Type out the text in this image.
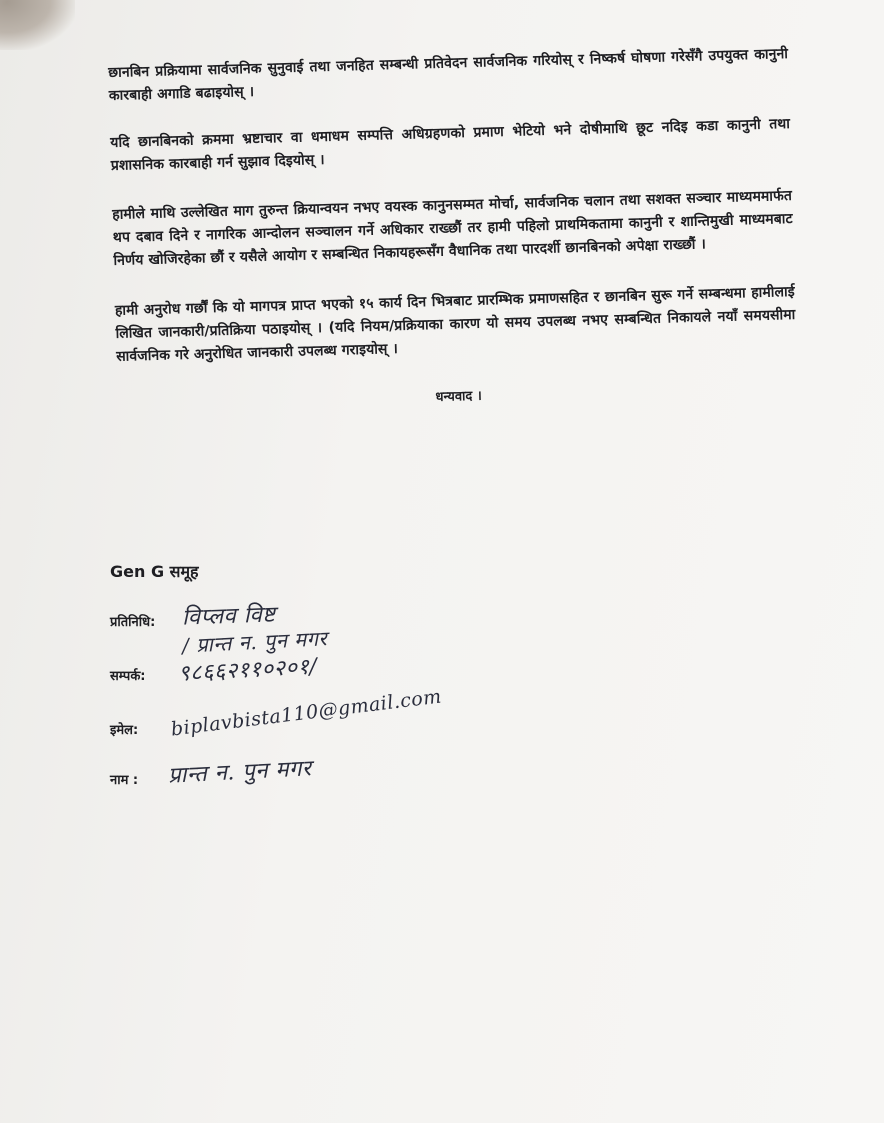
छानबिन प्रक्रियामा सार्वजनिक सुनुवाई तथा जनहित सम्बन्धी प्रतिवेदन सार्वजनिक गरियोस् र निष्कर्ष घोषणा गरेसँगै उपयुक्त कानुनी कारबाही अगाडि बढाइयोस् ।

यदि छानबिनको क्रममा भ्रष्टाचार वा धमाधम सम्पत्ति अधिग्रहणको प्रमाण भेटियो भने दोषीमाथि छूट नदिइ कडा कानुनी तथा प्रशासनिक कारबाही गर्न सुझाव दिइयोस् ।

हामीले माथि उल्लेखित माग तुरुन्त क्रियान्वयन नभए वयस्क कानुनसम्मत मोर्चा, सार्वजनिक चलान तथा सशक्त सञ्चार माध्यममार्फत थप दबाव दिने र नागरिक आन्दोलन सञ्चालन गर्ने अधिकार राख्छौं तर हामी पहिलो प्राथमिकतामा कानुनी र शान्तिमुखी माध्यमबाट निर्णय खोजिरहेका छौं र यसैले आयोग र सम्बन्धित निकायहरूसँग वैधानिक तथा पारदर्शी छानबिनको अपेक्षा राख्छौं ।

हामी अनुरोध गर्छौं कि यो मागपत्र प्राप्त भएको १५ कार्य दिन भित्रबाट प्रारम्भिक प्रमाणसहित र छानबिन सुरू गर्ने सम्बन्धमा हामीलाई लिखित जानकारी/प्रतिक्रिया पठाइयोस् । (यदि नियम/प्रक्रियाका कारण यो समय उपलब्ध नभए सम्बन्धित निकायले नयाँ समयसीमा सार्वजनिक गरे अनुरोधित जानकारी उपलब्ध गराइयोस् ।

धन्यवाद ।

Gen G समूह
प्रतिनिधि: विप्लव विष्ट
/ प्रान्त न. पुन मगर
सम्पर्क: ९८६६२११०२०१/
इमेल: biplavbista110@gmail.com
नाम : प्रान्त न. पुन मगर
